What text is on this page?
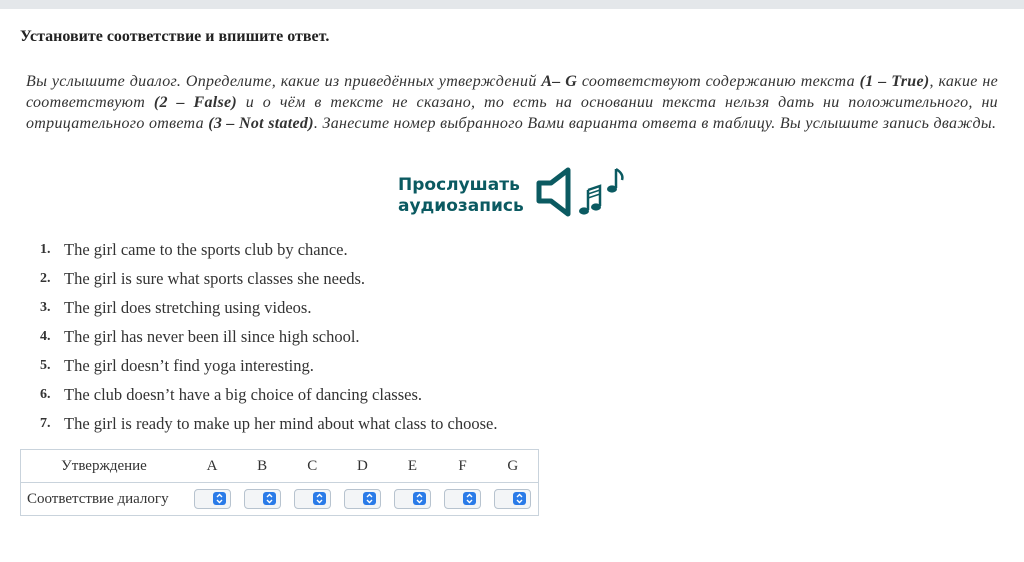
Установите соответствие и впишите ответ.
Вы услышите диалог. Определите, какие из приведённых утверждений A– G соответствуют содержанию текста (1 – True), какие не соответствуют (2 – False) и о чём в тексте не сказано, то есть на основании текста нельзя дать ни положительного, ни отрицательного ответа (3 – Not stated). Занесите номер выбранного Вами варианта ответа в таблицу. Вы услышите запись дважды.
Прослушать
аудиозапись
1. The girl came to the sports club by chance.
2. The girl is sure what sports classes she needs.
3. The girl does stretching using videos.
4. The girl has never been ill since high school.
5. The girl doesn’t find yoga interesting.
6. The club doesn’t have a big choice of dancing classes.
7. The girl is ready to make up her mind about what class to choose.
Утверждение	A	B	C	D	E	F	G
Соответствие диалогу	
